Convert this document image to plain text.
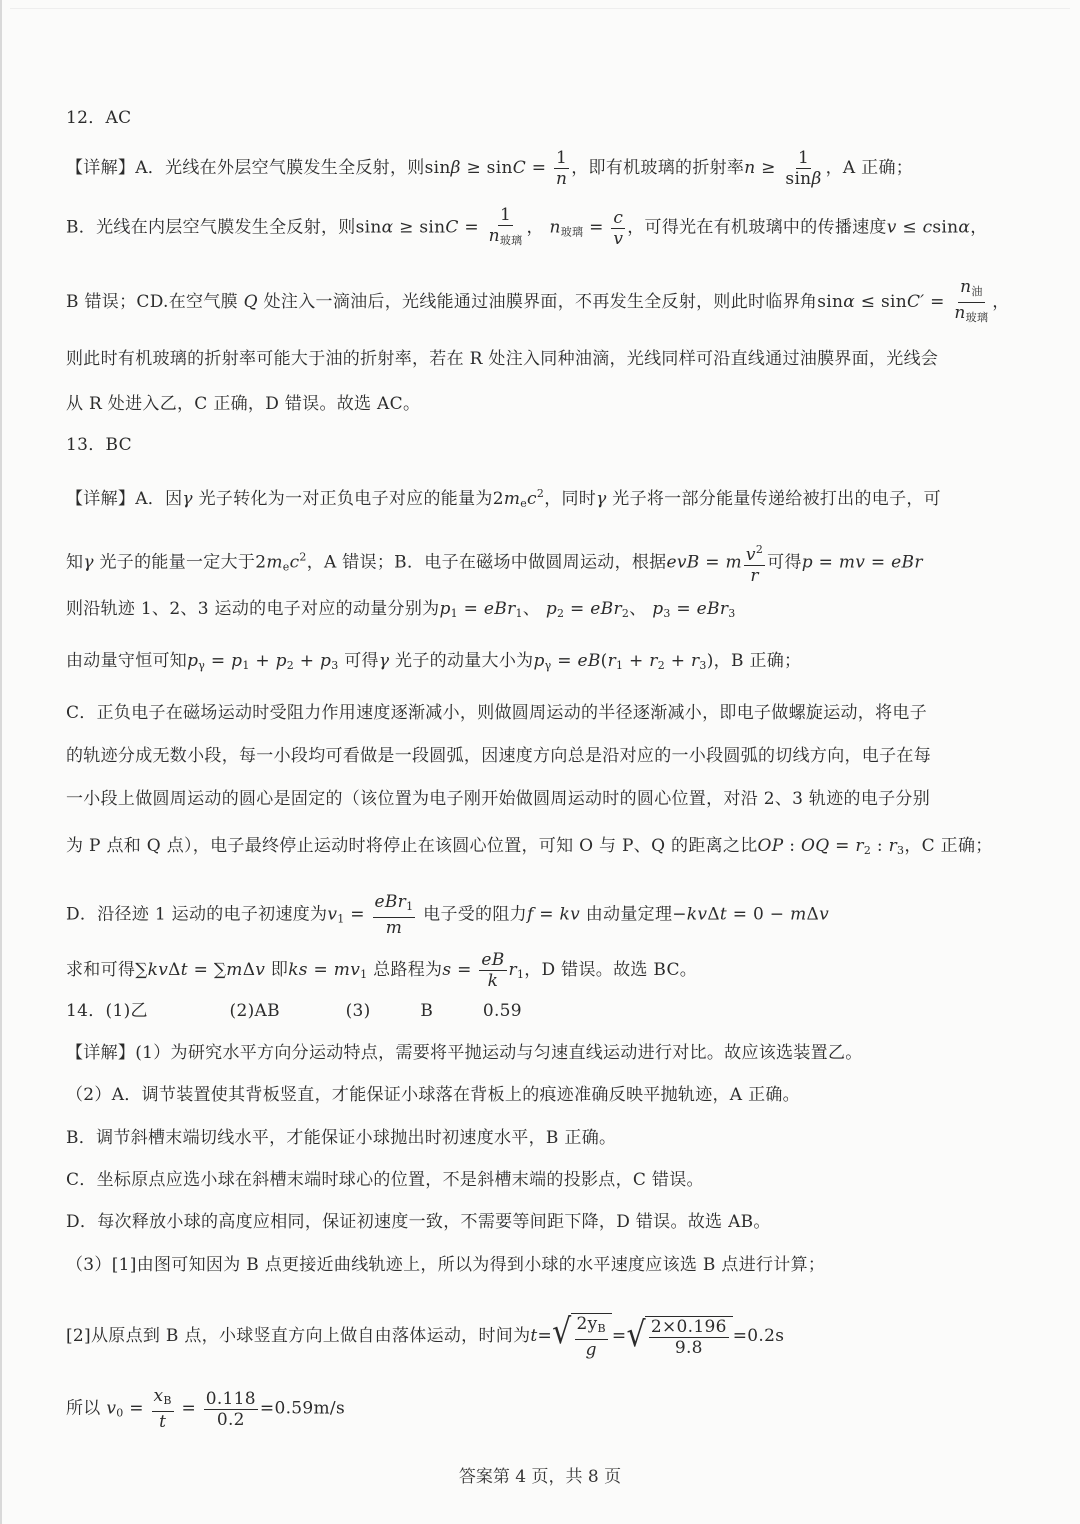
12．AC
【详解】A．光线在外层空气膜发生全反射，则$\sin\beta \ge \sin C = \frac{1}{n}$ ，即有机玻璃的折射率$n \ge \frac{1}{\sin\beta}$ ，A 正确；
B．光线在内层空气膜发生全反射，则$\sin\alpha \ge \sin C = \frac{1}{n_{玻璃}}$ ， $n_{玻璃} = \frac{c}{v}$ ，可得光在有机玻璃中的传播速度v ≤ csinα，
B 错误；CD.在空气膜 Q 处注入一滴油后，光线能通过油膜界面，不再发生全反射，则此时临界角$\sin\alpha \le \sin C' = \frac{n_油}{n_{玻璃}}$ ，
则此时有机玻璃的折射率可能大于油的折射率，若在 R 处注入同种油滴，光线同样可沿直线通过油膜界面，光线会
从 R 处进入乙，C 正确，D 错误。故选 AC。
13．BC
【详解】A．因γ 光子转化为一对正负电子对应的能量为$2m_ec^2$，同时γ 光子将一部分能量传递给被打出的电子，可
知γ 光子的能量一定大于$2m_ec^2$，A 错误；B．电子在磁场中做圆周运动，根据evB = m $\frac{v^2}{r}$ 可得p = mv = eBr
则沿轨迹 1、2、3 运动的电子对应的动量分别为$p_1 = eBr_1$、 $p_2 = eBr_2$、 $p_3 = eBr_3$
由动量守恒可知$p_\gamma = p_1 + p_2 + p_3$ 可得γ 光子的动量大小为$p_\gamma = eB(r_1 + r_2 + r_3)$，B 正确；
C．正负电子在磁场运动时受阻力作用速度逐渐减小，则做圆周运动的半径逐渐减小，即电子做螺旋运动，将电子
的轨迹分成无数小段，每一小段均可看做是一段圆弧，因速度方向总是沿对应的一小段圆弧的切线方向，电子在每
一小段上做圆周运动的圆心是固定的（该位置为电子刚开始做圆周运动时的圆心位置，对沿 2、3 轨迹的电子分别
为 P 点和 Q 点），电子最终停止运动时将停止在该圆心位置，可知 O 与 P、Q 的距离之比OP : OQ = $r_2$ : $r_3$，C 正确；
D．沿径迹 1 运动的电子初速度为$v_1 = \frac{eBr_1}{m}$ 电子受的阻力f = kv 由动量定理−kvΔt = 0 − mΔv
求和可得∑kvΔt = ∑mΔv 即ks = $mv_1$ 总路程为$s = \frac{eB}{k} r_1$，D 错误。故选 BC。
14．(1)乙	(2)AB	(3)	B	0.59
【详解】(1）为研究水平方向分运动特点，需要将平抛运动与匀速直线运动进行对比。故应该选装置乙。
（2）A．调节装置使其背板竖直，才能保证小球落在背板上的痕迹准确反映平抛轨迹，A 正确。
B．调节斜槽末端切线水平，才能保证小球抛出时初速度水平，B 正确。
C．坐标原点应选小球在斜槽末端时球心的位置，不是斜槽末端的投影点，C 错误。
D．每次释放小球的高度应相同，保证初速度一致，不需要等间距下降，D 错误。故选 AB。
（3）[1]由图可知因为 B 点更接近曲线轨迹上，所以为得到小球的水平速度应该选 B 点进行计算；
[2]从原点到 B 点，小球竖直方向上做自由落体运动，时间为t= √ $\frac{2y_B}{g}$ = √ $\frac{2\times 0.196}{9.8} =0.2s$
所以 $v_0 = \frac{x_B}{t} = \frac{0.118}{0.2} =0.59m/s$
答案第 4 页，共 8 页
